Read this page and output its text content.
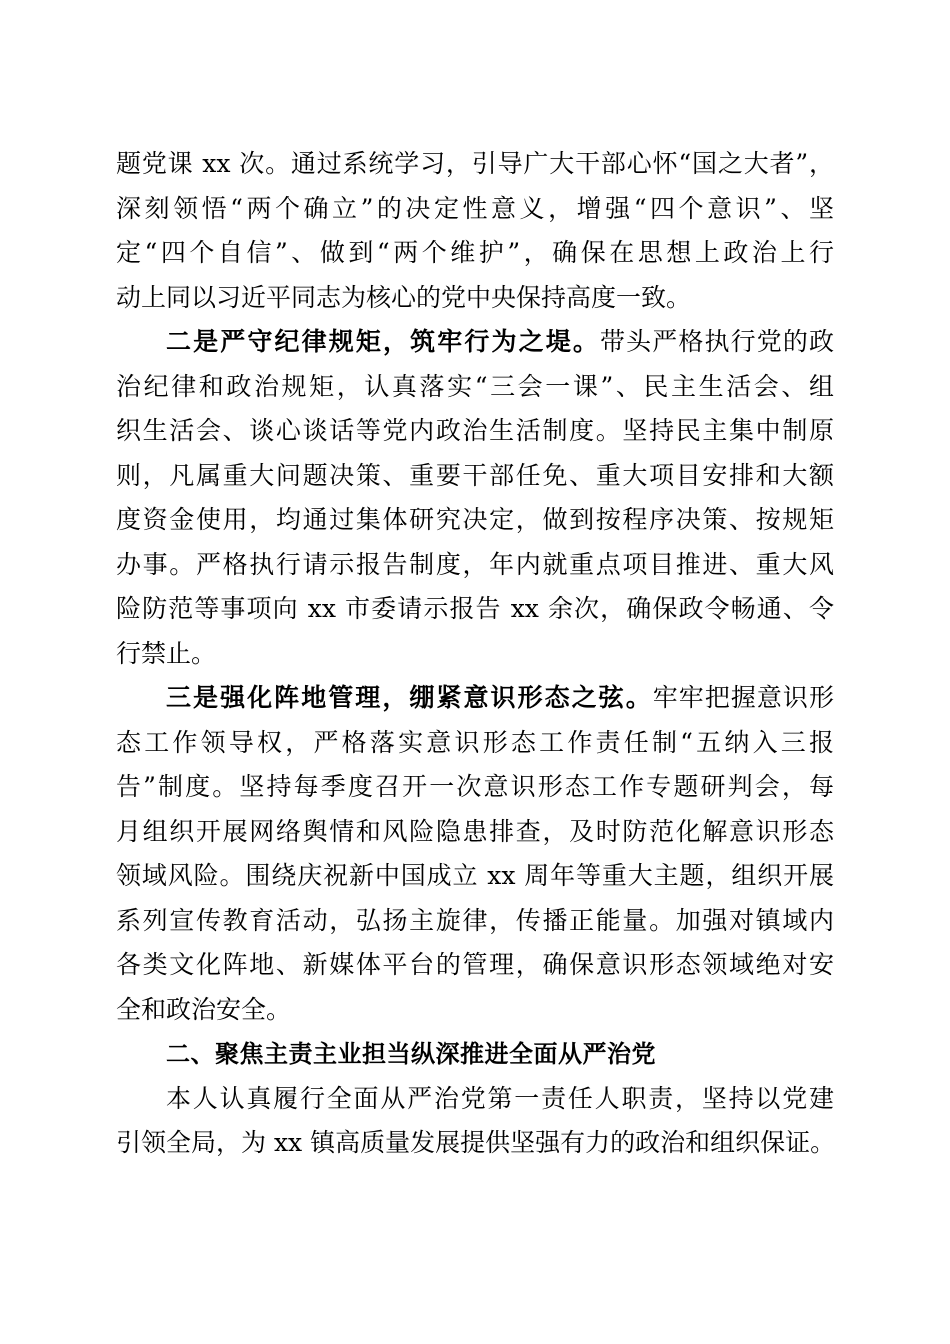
题党课 xx 次。通过系统学习，引导广大干部心怀“国之大者”，
深刻领悟“两个确立”的决定性意义，增强“四个意识”、坚
定“四个自信”、做到“两个维护”，确保在思想上政治上行
动上同以习近平同志为核心的党中央保持高度一致。
二是严守纪律规矩，筑牢行为之堤。带头严格执行党的政
治纪律和政治规矩，认真落实“三会一课”、民主生活会、组
织生活会、谈心谈话等党内政治生活制度。坚持民主集中制原
则，凡属重大问题决策、重要干部任免、重大项目安排和大额
度资金使用，均通过集体研究决定，做到按程序决策、按规矩
办事。严格执行请示报告制度，年内就重点项目推进、重大风
险防范等事项向 xx 市委请示报告 xx 余次，确保政令畅通、令
行禁止。
三是强化阵地管理，绷紧意识形态之弦。牢牢把握意识形
态工作领导权，严格落实意识形态工作责任制“五纳入三报
告”制度。坚持每季度召开一次意识形态工作专题研判会，每
月组织开展网络舆情和风险隐患排查，及时防范化解意识形态
领域风险。围绕庆祝新中国成立 xx 周年等重大主题，组织开展
系列宣传教育活动，弘扬主旋律，传播正能量。加强对镇域内
各类文化阵地、新媒体平台的管理，确保意识形态领域绝对安
全和政治安全。
二、聚焦主责主业担当纵深推进全面从严治党
本人认真履行全面从严治党第一责任人职责，坚持以党建
引领全局，为 xx 镇高质量发展提供坚强有力的政治和组织保证。
